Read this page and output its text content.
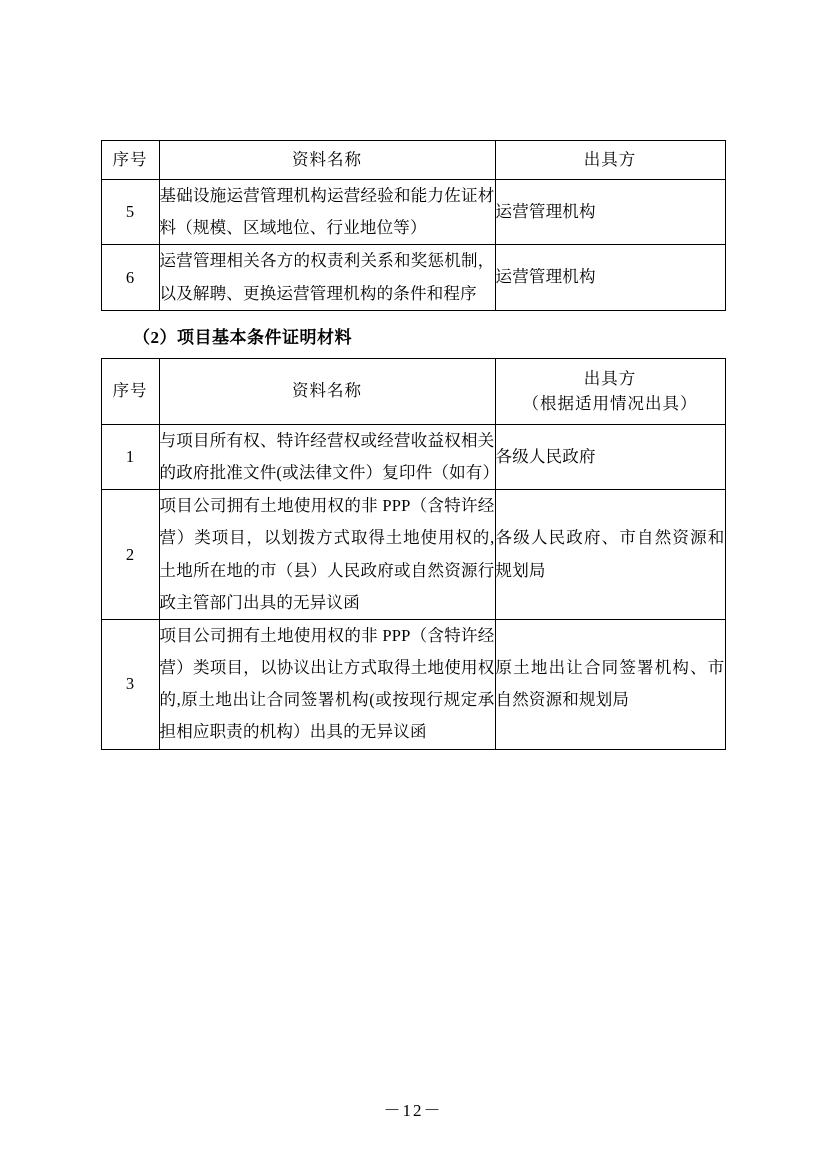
序号	资料名称	出具方
5	基础设施运营管理机构运营经验和能力佐证材料（规模、区域地位、行业地位等）	运营管理机构
6	运营管理相关各方的权责利关系和奖惩机制，以及解聘、更换运营管理机构的条件和程序	运营管理机构
（2）项目基本条件证明材料
序号	资料名称	出具方
（根据适用情况出具）

1	与项目所有权、特许经营权或经营收益权相关的政府批准文件(或法律文件）复印件（如有）	各级人民政府
2	项目公司拥有土地使用权的非 PPP（含特许经营）类项目，以划拨方式取得土地使用权的,土地所在地的市（县）人民政府或自然资源行政主管部门出具的无异议函	各级人民政府、市自然资源和规划局
3	项目公司拥有土地使用权的非 PPP（含特许经营）类项目，以协议出让方式取得土地使用权的,原土地出让合同签署机构(或按现行规定承担相应职责的机构）出具的无异议函	原土地出让合同签署机构、市自然资源和规划局
－12－
